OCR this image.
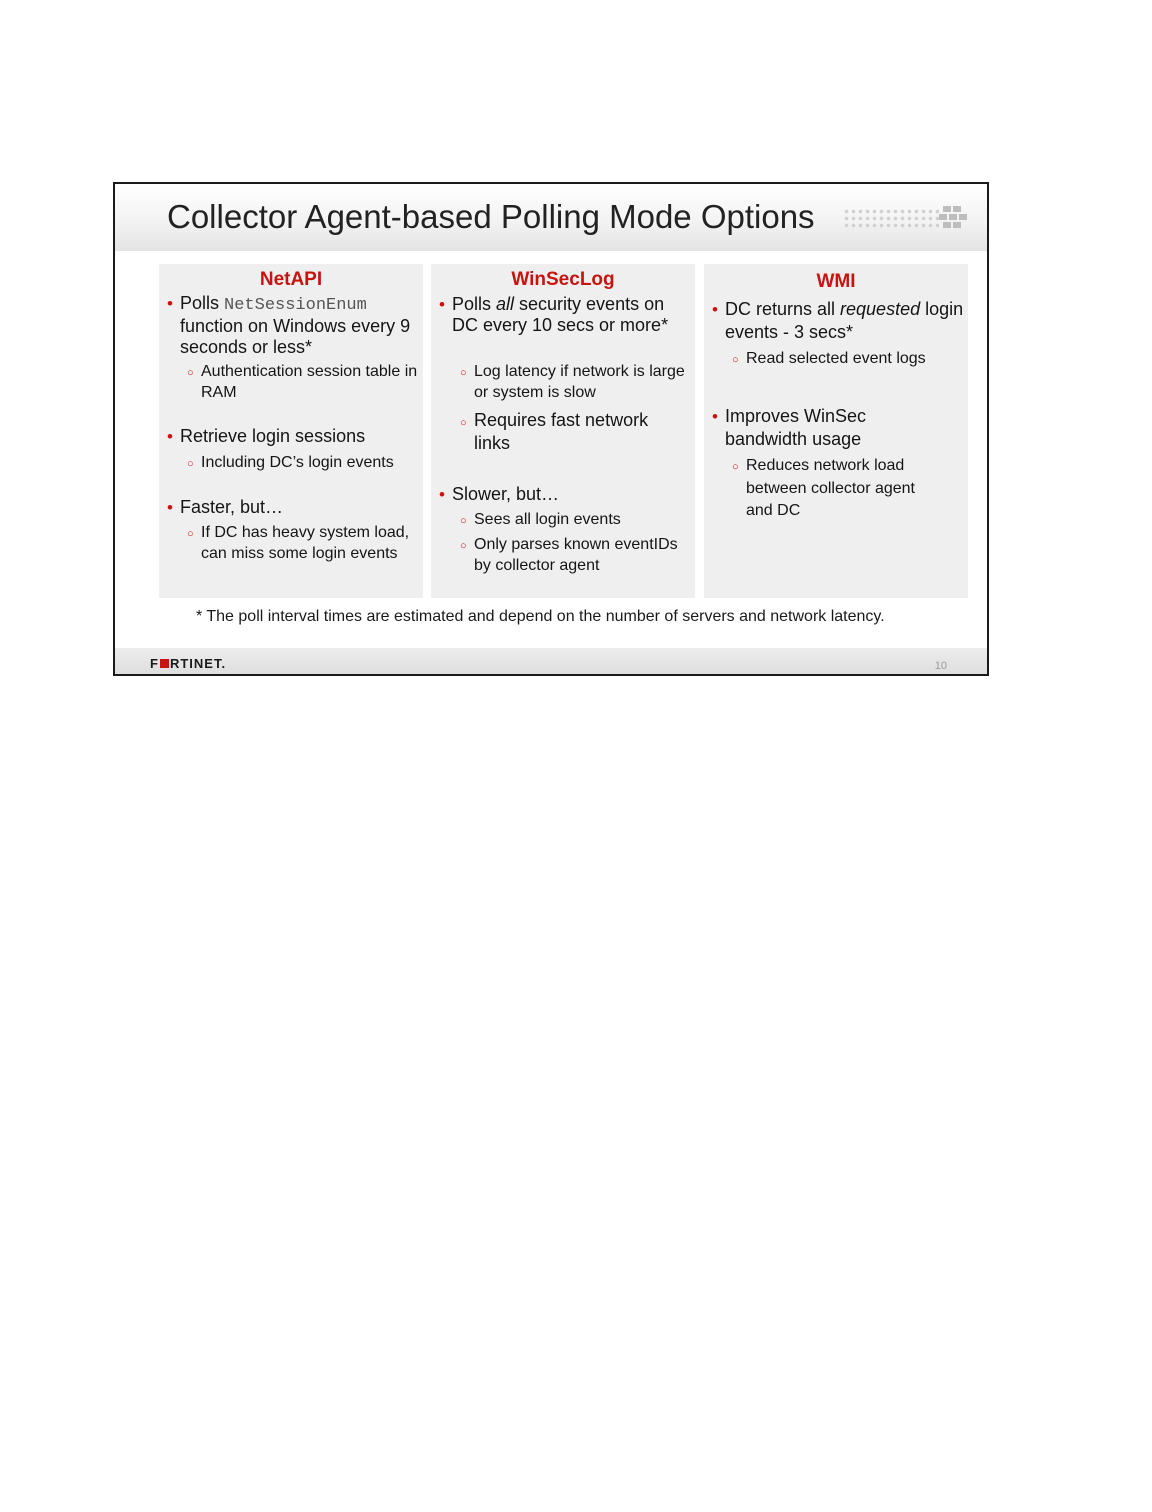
Collector Agent-based Polling Mode Options
NetAPI
• Polls NetSessionEnum function on Windows every 9 seconds or less*
○ Authentication session table in RAM
• Retrieve login sessions
○ Including DC’s login events
• Faster, but…
○ If DC has heavy system load, can miss some login events
WinSecLog
• Polls all security events on DC every 10 secs or more*
○ Log latency if network is large or system is slow
○ Requires fast network links
• Slower, but…
○ Sees all login events
○ Only parses known eventIDs by collector agent
WMI
• DC returns all requested login events - 3 secs*
○ Read selected event logs
• Improves WinSec bandwidth usage
○ Reduces network load between collector agent and DC
* The poll interval times are estimated and depend on the number of servers and network latency.
F RTINET.	10
